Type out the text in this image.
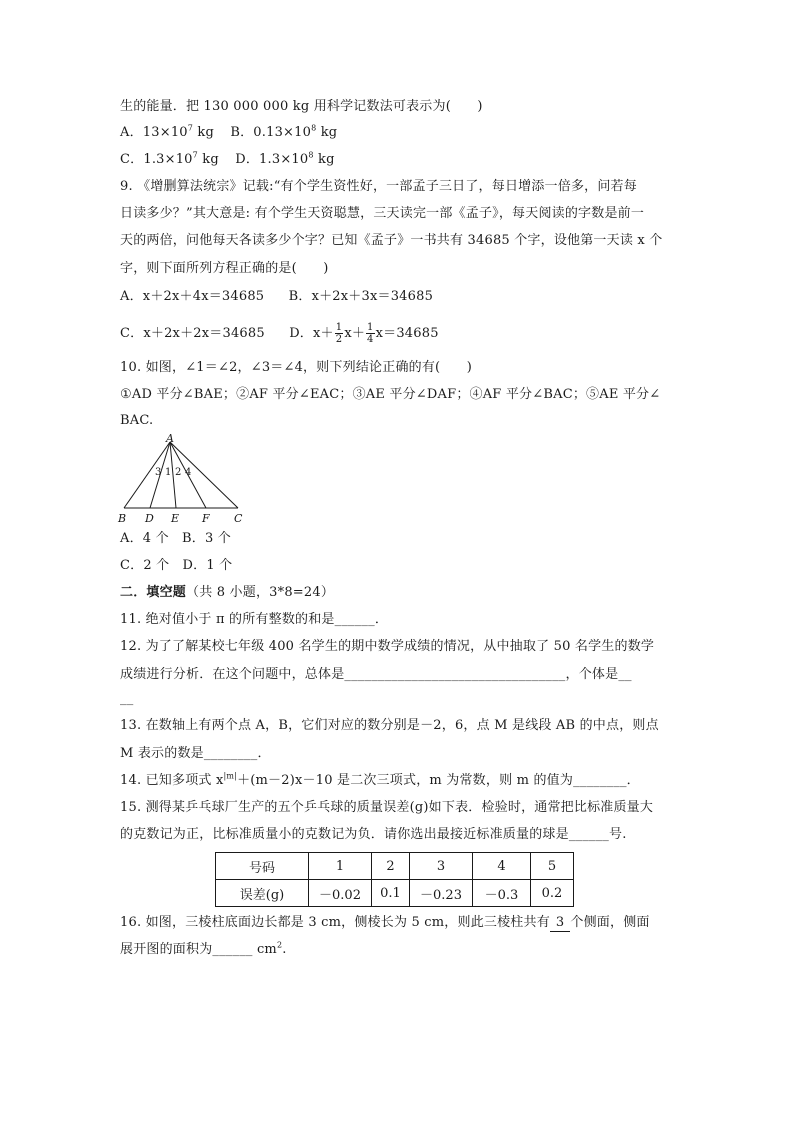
生的能量．把 130 000 000 kg 用科学记数法可表示为(　　)
A．$13\times 10^7$ kg B．$0.13\times 10^8$ kg
C．$1.3\times 10^7$ kg D．$1.3\times 10^8$ kg
9. 《增删算法统宗》记载:“有个学生资性好，一部孟子三日了，每日增添一倍多，问若每
日读多少？”其大意是: 有个学生天资聪慧，三天读完一部《孟子》，每天阅读的字数是前一
天的两倍，问他每天各读多少个字？已知《孟子》一书共有 34685 个字，设他第一天读 x 个
字，则下面所列方程正确的是(　　)
A．x＋2x＋4x＝34685 B．x＋2x＋3x＝34685
C．x＋2x＋2x＝34685 D．$x+ \frac{1}{2} x+ \frac{1}{4} x=34685$
10. 如图，∠1＝∠2，∠3＝∠4，则下列结论正确的有(　　)
①AD 平分∠BAE；②AF 平分∠EAC；③AE 平分∠DAF；④AF 平分∠BAC；⑤AE 平分∠
BAC.
A
3 1 2 4
B D E F C
A．4 个　B．3 个
C．2 个　D．1 个
二．填空题（共 8 小题，3*8=24）
11. 绝对值小于 π 的所有整数的和是______．
12. 为了了解某校七年级 400 名学生的期中数学成绩的情况，从中抽取了 50 名学生的数学
成绩进行分析．在这个问题中，总体是_________________________________，个体是__
__
13. 在数轴上有两个点 A，B，它们对应的数分别是－2，6，点 M 是线段 AB 的中点，则点
M 表示的数是________．
14. 已知多项式 $x^{|m|}+(m-2)x-10$ 是二次三项式，m 为常数，则 m 的值为________．
15. 测得某乒乓球厂生产的五个乒乓球的质量误差(g)如下表．检验时，通常把比标准质量大
的克数记为正，比标准质量小的克数记为负．请你选出最接近标准质量的球是______号.
号码	1	2	3	4	5
误差(g)	－0.02	0.1	－0.23	－0.3	0.2
16. 如图，三棱柱底面边长都是 3 cm，侧棱长为 5 cm，则此三棱柱共有 3 个侧面，侧面
展开图的面积为______ $cm^2$.
